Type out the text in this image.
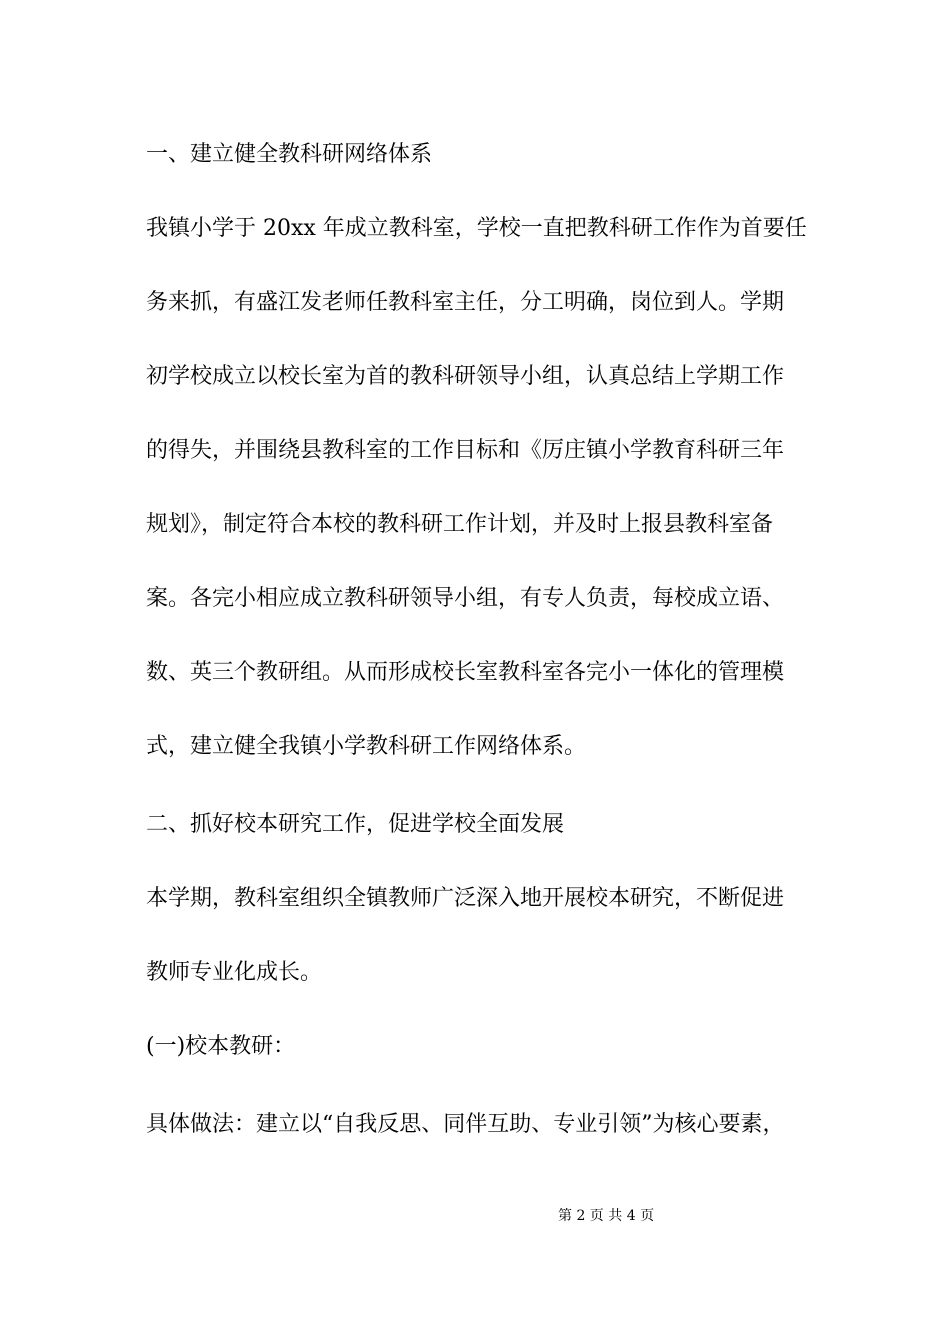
一、建立健全教科研网络体系
我镇小学于 20xx 年成立教科室，学校一直把教科研工作作为首要任
务来抓，有盛江发老师任教科室主任，分工明确，岗位到人。学期
初学校成立以校长室为首的教科研领导小组，认真总结上学期工作
的得失，并围绕县教科室的工作目标和《厉庄镇小学教育科研三年
规划》，制定符合本校的教科研工作计划，并及时上报县教科室备
案。各完小相应成立教科研领导小组，有专人负责，每校成立语、
数、英三个教研组。从而形成校长室教科室各完小一体化的管理模
式，建立健全我镇小学教科研工作网络体系。
二、抓好校本研究工作，促进学校全面发展
本学期，教科室组织全镇教师广泛深入地开展校本研究，不断促进
教师专业化成长。
(一)校本教研：
具体做法：建立以“自我反思、同伴互助、专业引领”为核心要素，
第 2 页 共 4 页
